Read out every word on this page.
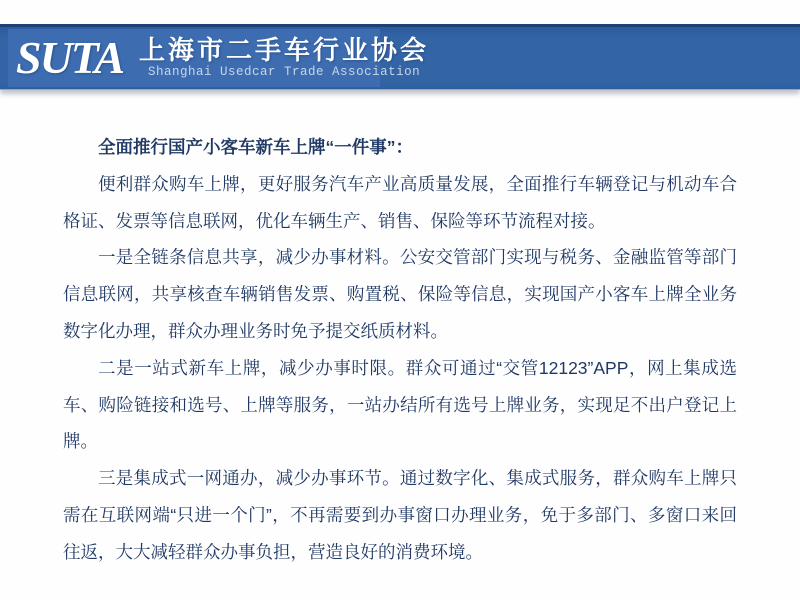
SUTA 上海市二手车行业协会
Shanghai Usedcar Trade Association
全面推行国产小客车新车上牌“一件事”：

便利群众购车上牌，更好服务汽车产业高质量发展，全面推行车辆登记与机动车合格证、发票等信息联网，优化车辆生产、销售、保险等环节流程对接。

一是全链条信息共享，减少办事材料。公安交管部门实现与税务、金融监管等部门信息联网，共享核查车辆销售发票、购置税、保险等信息，实现国产小客车上牌全业务数字化办理，群众办理业务时免予提交纸质材料。

二是一站式新车上牌，减少办事时限。群众可通过“交管12123”APP，网上集成选车、购险链接和选号、上牌等服务，一站办结所有选号上牌业务，实现足不出户登记上牌。

三是集成式一网通办，减少办事环节。通过数字化、集成式服务，群众购车上牌只需在互联网端“只进一个门”，不再需要到办事窗口办理业务，免于多部门、多窗口来回往返，大大减轻群众办事负担，营造良好的消费环境。
